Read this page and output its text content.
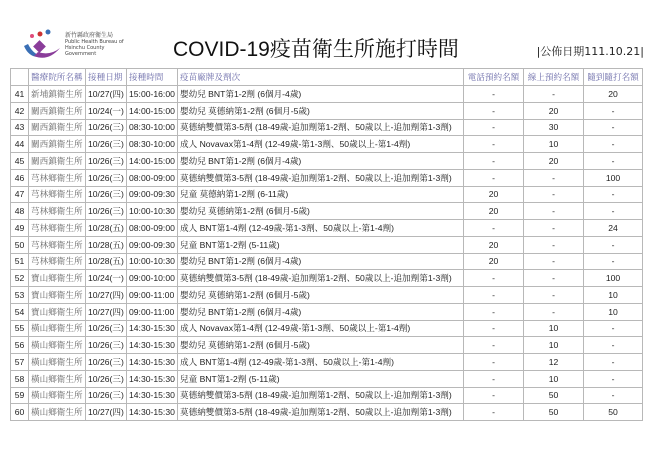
新竹縣政府衛生局
Public Health Bureau of Hsinchu County Government	COVID-19疫苗衛生所施打時間	|公佈日期111.10.21|
	醫療院所名稱	接種日期	接種時間	疫苗廠牌及劑次	電話預約名額	線上預約名額	隨到隨打名額
41	新埔鎮衛生所	10/27(四)	15:00-16:00	嬰幼兒 BNT第1-2劑 (6個月-4歲)	-	-	20
42	關西鎮衛生所	10/24(一)	14:00-15:00	嬰幼兒 莫德納第1-2劑 (6個月-5歲)	-	20	-
43	關西鎮衛生所	10/26(三)	08:30-10:00	莫德納雙價第3-5劑 (18-49歲-追加劑第1-2劑、50歲以上-追加劑第1-3劑)	-	30	-
44	關西鎮衛生所	10/26(三)	08:30-10:00	成人 Novavax第1-4劑 (12-49歲-第1-3劑、50歲以上-第1-4劑)	-	10	-
45	關西鎮衛生所	10/26(三)	14:00-15:00	嬰幼兒 BNT第1-2劑 (6個月-4歲)	-	20	-
46	芎林鄉衛生所	10/26(三)	08:00-09:00	莫德納雙價第3-5劑 (18-49歲-追加劑第1-2劑、50歲以上-追加劑第1-3劑)	-	-	100
47	芎林鄉衛生所	10/26(三)	09:00-09:30	兒童 莫德納第1-2劑 (6-11歲)	20	-	-
48	芎林鄉衛生所	10/26(三)	10:00-10:30	嬰幼兒 莫德納第1-2劑 (6個月-5歲)	20	-	-
49	芎林鄉衛生所	10/28(五)	08:00-09:00	成人 BNT第1-4劑 (12-49歲-第1-3劑、50歲以上-第1-4劑)	-	-	24
50	芎林鄉衛生所	10/28(五)	09:00-09:30	兒童 BNT第1-2劑 (5-11歲)	20	-	-
51	芎林鄉衛生所	10/28(五)	10:00-10:30	嬰幼兒 BNT第1-2劑 (6個月-4歲)	20	-	-
52	寶山鄉衛生所	10/24(一)	09:00-10:00	莫德納雙價第3-5劑 (18-49歲-追加劑第1-2劑、50歲以上-追加劑第1-3劑)	-	-	100
53	寶山鄉衛生所	10/27(四)	09:00-11:00	嬰幼兒 莫德納第1-2劑 (6個月-5歲)	-	-	10
54	寶山鄉衛生所	10/27(四)	09:00-11:00	嬰幼兒 BNT第1-2劑 (6個月-4歲)	-	-	10
55	橫山鄉衛生所	10/26(三)	14:30-15:30	成人 Novavax第1-4劑 (12-49歲-第1-3劑、50歲以上-第1-4劑)	-	10	-
56	橫山鄉衛生所	10/26(三)	14:30-15:30	嬰幼兒 莫德納第1-2劑 (6個月-5歲)	-	10	-
57	橫山鄉衛生所	10/26(三)	14:30-15:30	成人 BNT第1-4劑 (12-49歲-第1-3劑、50歲以上-第1-4劑)	-	12	-
58	橫山鄉衛生所	10/26(三)	14:30-15:30	兒童 BNT第1-2劑 (5-11歲)	-	10	-
59	橫山鄉衛生所	10/26(三)	14:30-15:30	莫德納雙價第3-5劑 (18-49歲-追加劑第1-2劑、50歲以上-追加劑第1-3劑)	-	50	-
60	橫山鄉衛生所	10/27(四)	14:30-15:30	莫德納雙價第3-5劑 (18-49歲-追加劑第1-2劑、50歲以上-追加劑第1-3劑)	-	50	50
